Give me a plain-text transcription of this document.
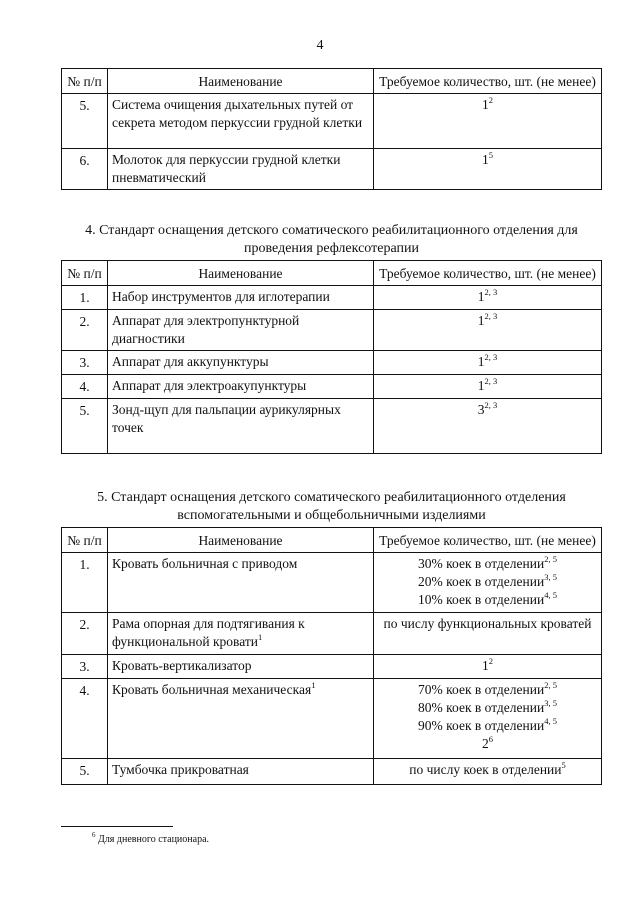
4
№ п/п	Наименование	Требуемое количество, шт. (не менее)
5.	Система очищения дыхательных путей от секрета методом перкуссии грудной клетки	$1^2$

6.	Молоток для перкуссии грудной клетки пневматический	$1^5$
4. Стандарт оснащения детского соматического реабилитационного отделения для проведения рефлексотерапии
№ п/п	Наименование	Требуемое количество, шт. (не менее)
1.	Набор инструментов для иглотерапии	1$^{2, 3}$

2.	Аппарат для электропунктурной диагностики	1$^{2, 3}$

3.	Аппарат для аккупунктуры	1$^{2, 3}$

4.	Аппарат для электроакупунктуры	1$^{2, 3}$

5.	Зонд-щуп для пальпации аурикулярных точек	3$^{2, 3}$
5. Стандарт оснащения детского соматического реабилитационного отделения вспомогательными и общебольничными изделиями
№ п/п	Наименование	Требуемое количество, шт. (не менее)
1.	Кровать больничная с приводом	30% коек в отделении$^{2, 5}$
20% коек в отделении$^{3, 5}$
10% коек в отделении$^{4, 5}$

2.	Рама опорная для подтягивания к функциональной кровати$^1$	по числу функциональных кроватей

3.	Кровать-вертикализатор	$1^2$

4.	Кровать больничная механическая$^1$	70% коек в отделении$^{2, 5}$
80% коек в отделении$^{3, 5}$
90% коек в отделении$^{4, 5}$
$2^6$

5.	Тумбочка прикроватная	по числу коек в отделении$^5$
$^6$ Для дневного стационара.
